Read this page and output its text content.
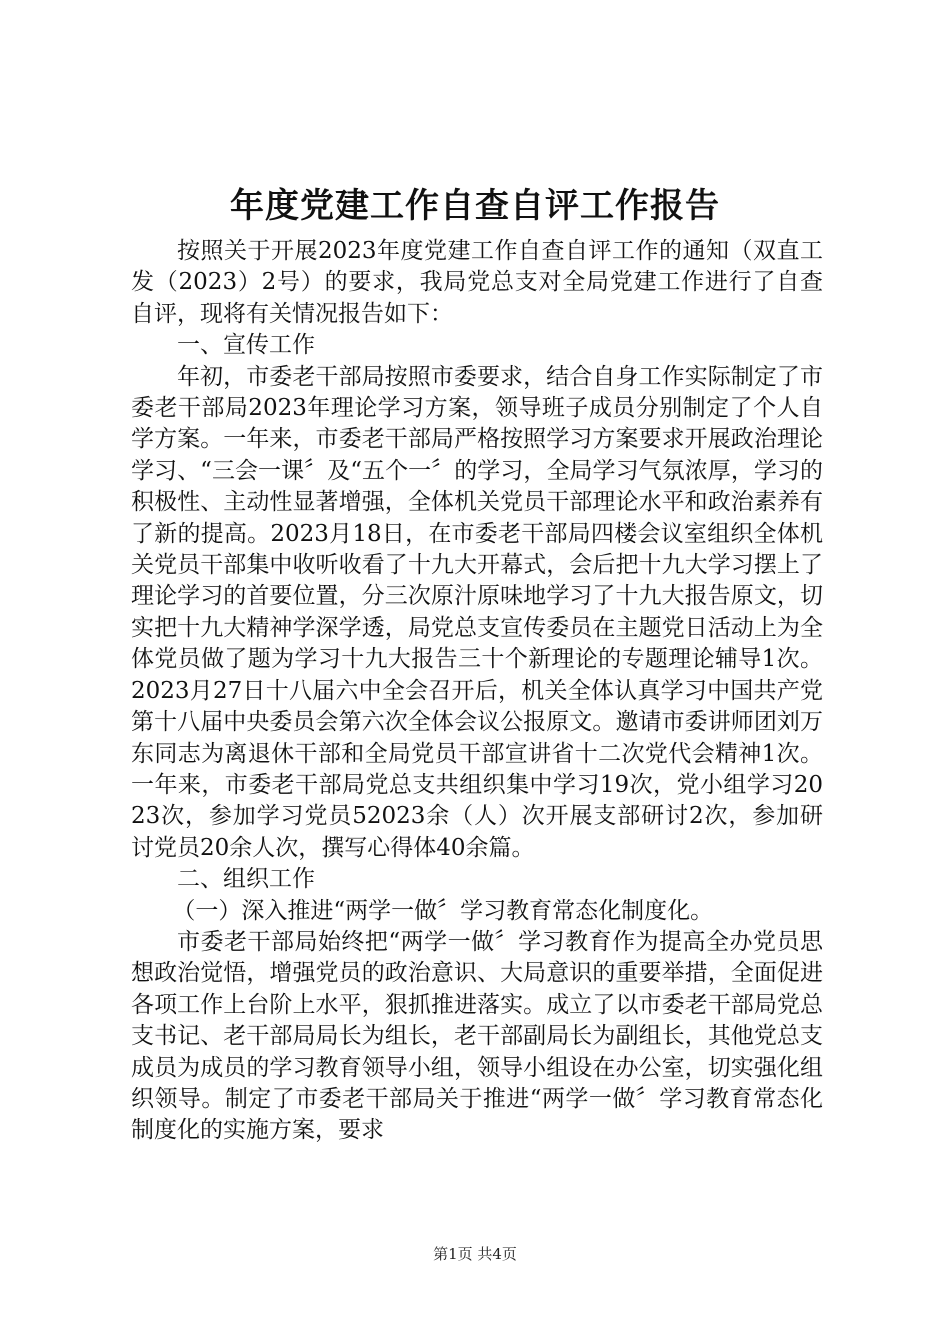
年度党建工作自查自评工作报告

按照关于开展2023年度党建工作自查自评工作的通知（双直工发（2023）2号）的要求，我局党总支对全局党建工作进行了自查自评，现将有关情况报告如下：

一、宣传工作

年初，市委老干部局按照市委要求，结合自身工作实际制定了市委老干部局2023年理论学习方案，领导班子成员分别制定了个人自学方案。一年来，市委老干部局严格按照学习方案要求开展政治理论学习、“三会一课〞及“五个一〞的学习，全局学习气氛浓厚，学习的积极性、主动性显著增强，全体机关党员干部理论水平和政治素养有了新的提高。2023月18日，在市委老干部局四楼会议室组织全体机关党员干部集中收听收看了十九大开幕式，会后把十九大学习摆上了理论学习的首要位置，分三次原汁原味地学习了十九大报告原文，切实把十九大精神学深学透，局党总支宣传委员在主题党日活动上为全体党员做了题为学习十九大报告三十个新理论的专题理论辅导1次。2023月27日十八届六中全会召开后，机关全体认真学习中国共产党第十八届中央委员会第六次全体会议公报原文。邀请市委讲师团刘万东同志为离退休干部和全局党员干部宣讲省十二次党代会精神1次。一年来，市委老干部局党总支共组织集中学习19次，党小组学习2023次，参加学习党员52023余（人）次开展支部研讨2次，参加研讨党员20余人次，撰写心得体40余篇。

二、组织工作

（一）深入推进“两学一做〞学习教育常态化制度化。

市委老干部局始终把“两学一做〞学习教育作为提高全办党员思想政治觉悟，增强党员的政治意识、大局意识的重要举措，全面促进各项工作上台阶上水平，狠抓推进落实。成立了以市委老干部局党总支书记、老干部局局长为组长，老干部副局长为副组长，其他党总支成员为成员的学习教育领导小组，领导小组设在办公室，切实强化组织领导。制定了市委老干部局关于推进“两学一做〞学习教育常态化制度化的实施方案，要求

第1页 共4页
